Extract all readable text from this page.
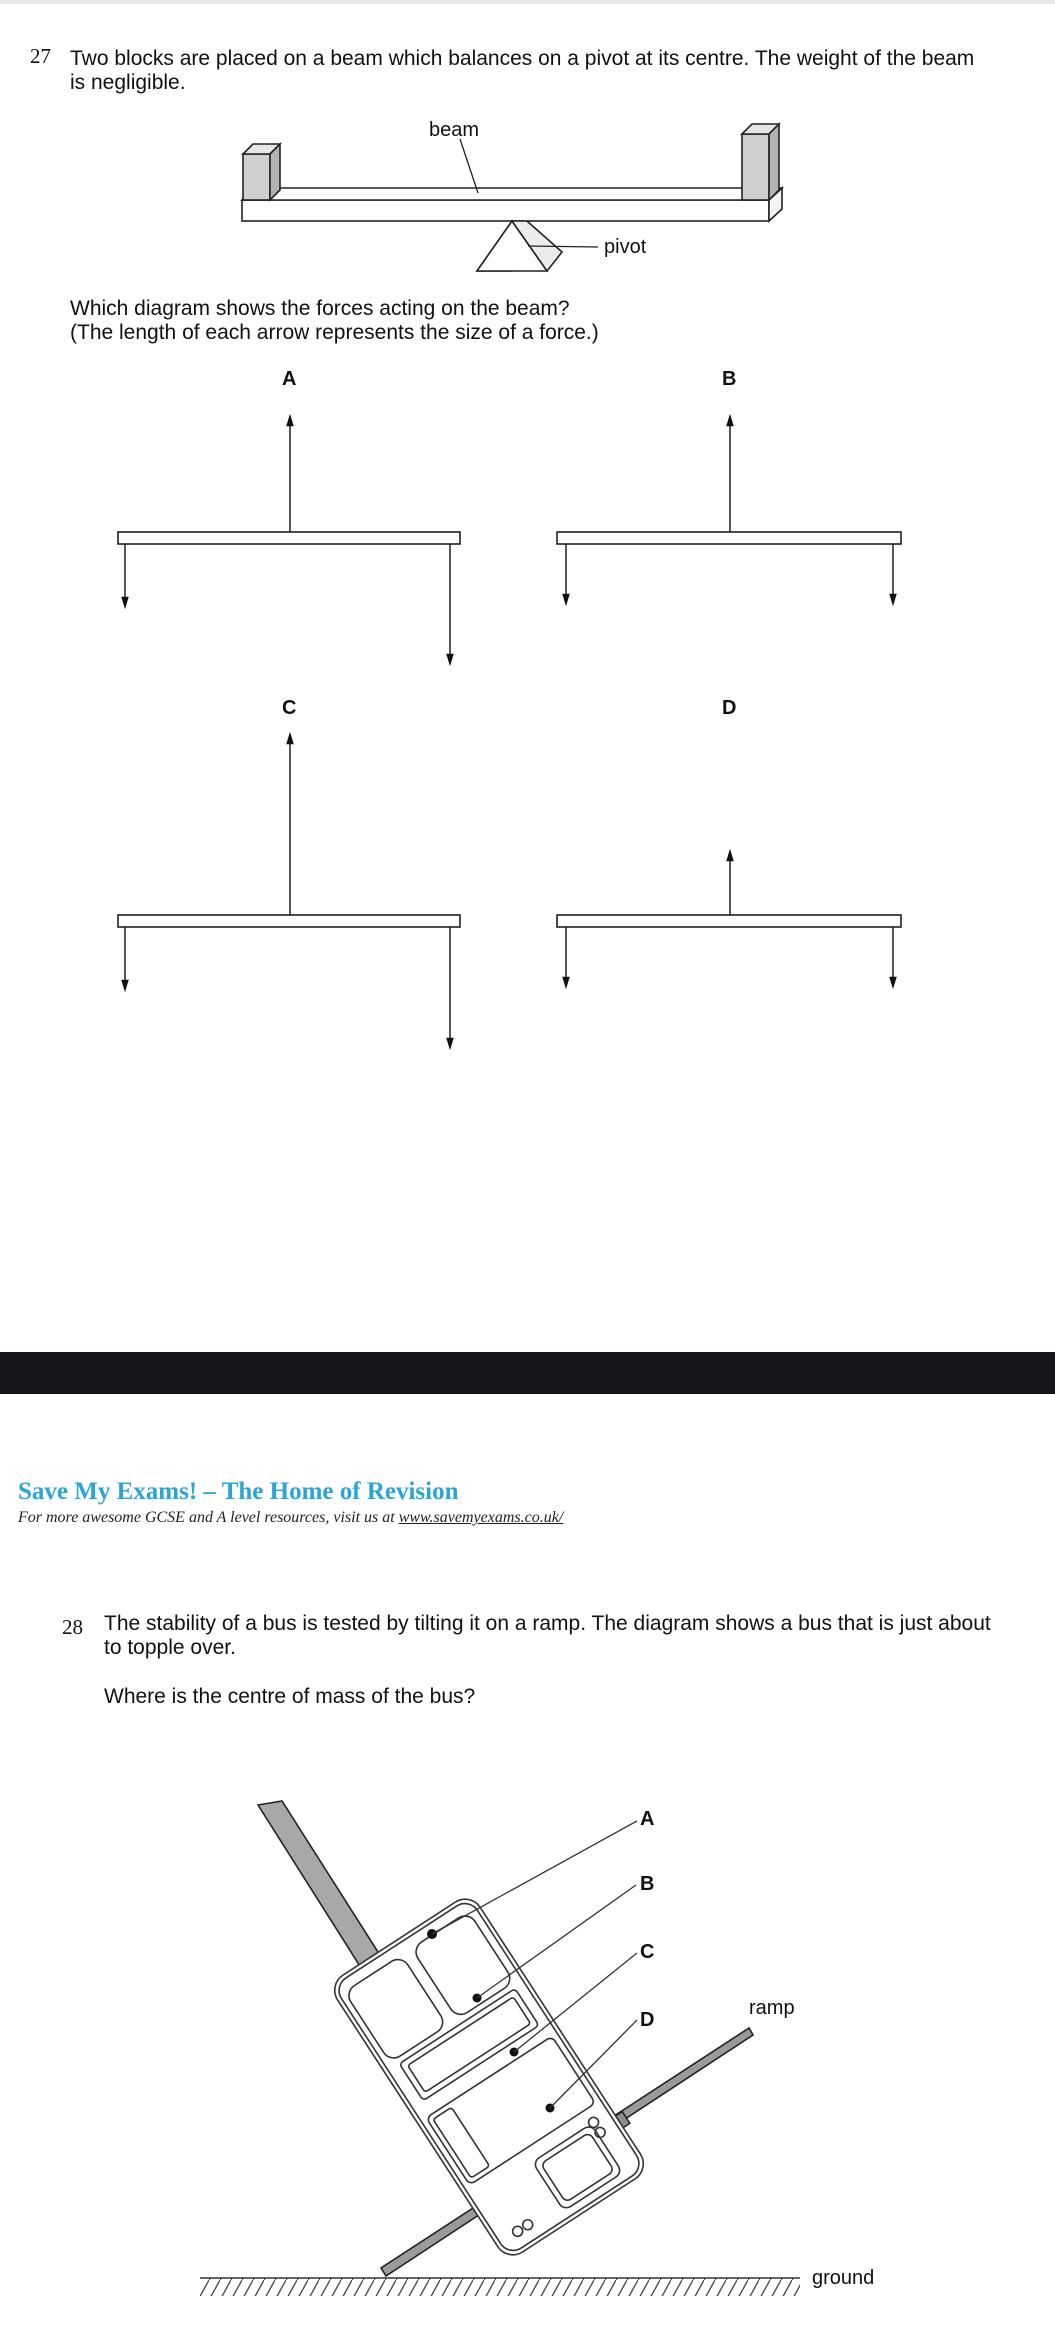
27 Two blocks are placed on a beam which balances on a pivot at its centre. The weight of the beam

is negligible.

beam
pivot

Which diagram shows the forces acting on the beam?

(The length of each arrow represents the size of a force.)

A	B
C	D
Save My Exams! – The Home of Revision
For more awesome GCSE and A level resources, visit us at www.savemyexams.co.uk/
28 The stability of a bus is tested by tilting it on a ramp. The diagram shows a bus that is just about

to topple over.

Where is the centre of mass of the bus?

A
B
C
D
ramp
ground
